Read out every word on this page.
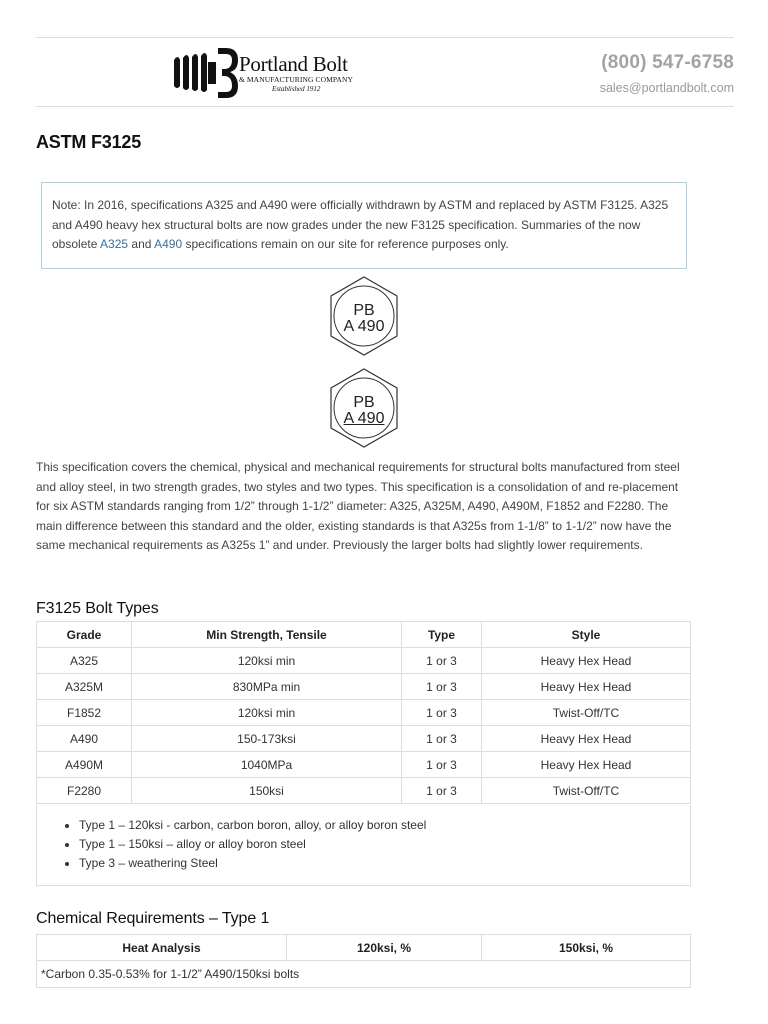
Portland Bolt
& MANUFACTURING COMPANY
Established 1912
(800) 547-6758
sales@portlandbolt.com
ASTM F3125
Note: In 2016, specifications A325 and A490 were officially withdrawn by ASTM and replaced by ASTM F3125. A325 and A490 heavy hex structural bolts are now grades under the new F3125 specification. Summaries of the now obsolete A325 and A490 specifications remain on our site for reference purposes only.
PB
A 490
PB
A 490

This specification covers the chemical, physical and mechanical requirements for structural bolts manufactured from steel and alloy steel, in two strength grades, two styles and two types. This specification is a consolidation of and re-placement for six ASTM standards ranging from 1/2” through 1-1/2” diameter: A325, A325M, A490, A490M, F1852 and F2280. The main difference between this standard and the older, existing standards is that A325s from 1-1/8” to 1-1/2” now have the same mechanical requirements as A325s 1” and under. Previously the larger bolts had slightly lower requirements.

F3125 Bolt Types
Grade	Min Strength, Tensile	Type	Style
A325	120ksi min	1 or 3	Heavy Hex Head
A325M	830MPa min	1 or 3	Heavy Hex Head
F1852	120ksi min	1 or 3	Twist-Off/TC
A490	150-173ksi	1 or 3	Heavy Hex Head
A490M	1040MPa	1 or 3	Heavy Hex Head
F2280	150ksi	1 or 3	Twist-Off/TC
• Type 1 – 120ksi - carbon, carbon boron, alloy, or alloy boron steel
• Type 1 – 150ksi – alloy or alloy boron steel
• Type 3 – weathering Steel
Chemical Requirements – Type 1
Heat Analysis	120ksi, %	150ksi, %
*Carbon 0.35-0.53% for 1-1/2” A490/150ksi bolts
